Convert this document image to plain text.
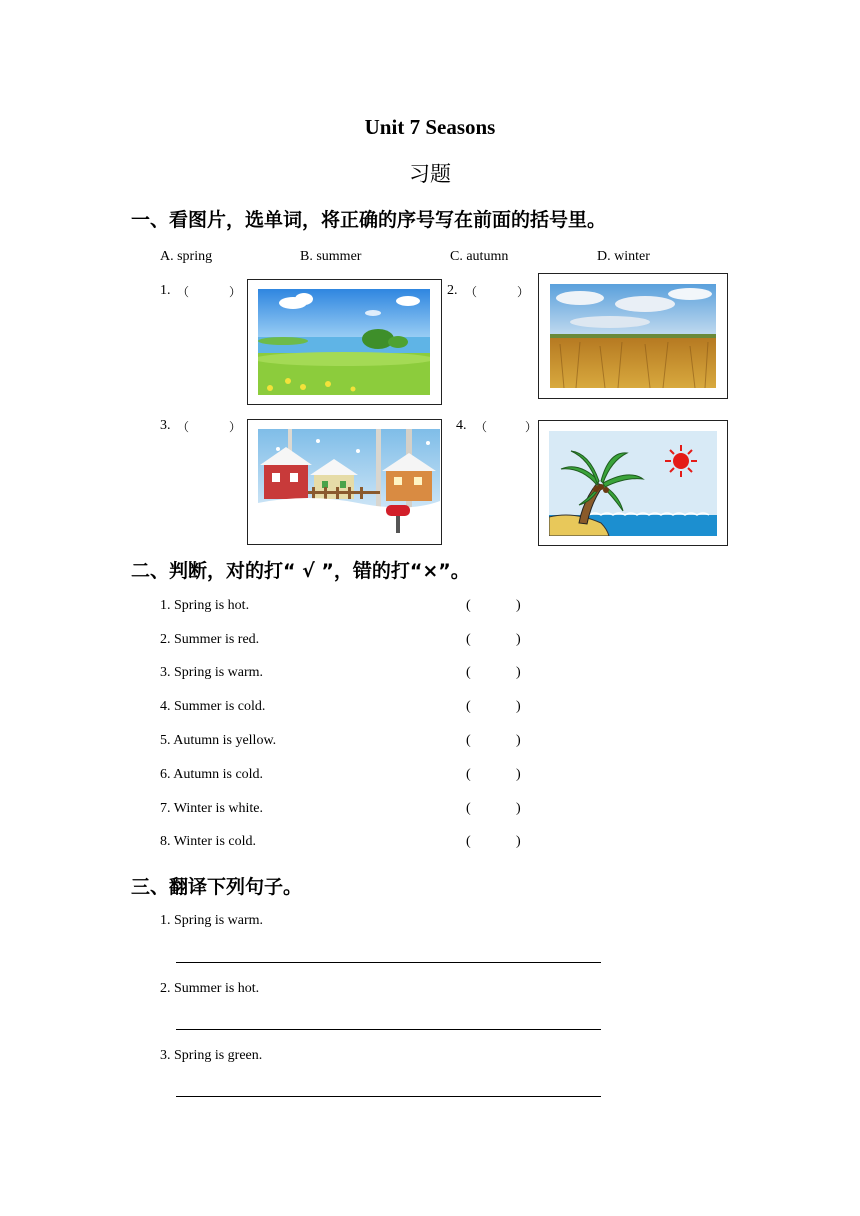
Unit 7 Seasons
习题
一、看图片，选单词，将正确的序号写在前面的括号里。
A. spring	B. summer	C. autumn	D. winter
1. （	）	2. （	）
3. （	）	4. （	）
二、判断，对的打“ √ ”，错的打“×”。
1. Spring is hot.	(	)
2. Summer is red.	(	)
3. Spring is warm.	(	)
4. Summer is cold.	(	)
5. Autumn is yellow.	(	)
6. Autumn is cold.	(	)
7. Winter is white.	(	)
8. Winter is cold.	(	)
三、翻译下列句子。
1. Spring is warm.
2. Summer is hot.
3. Spring is green.
